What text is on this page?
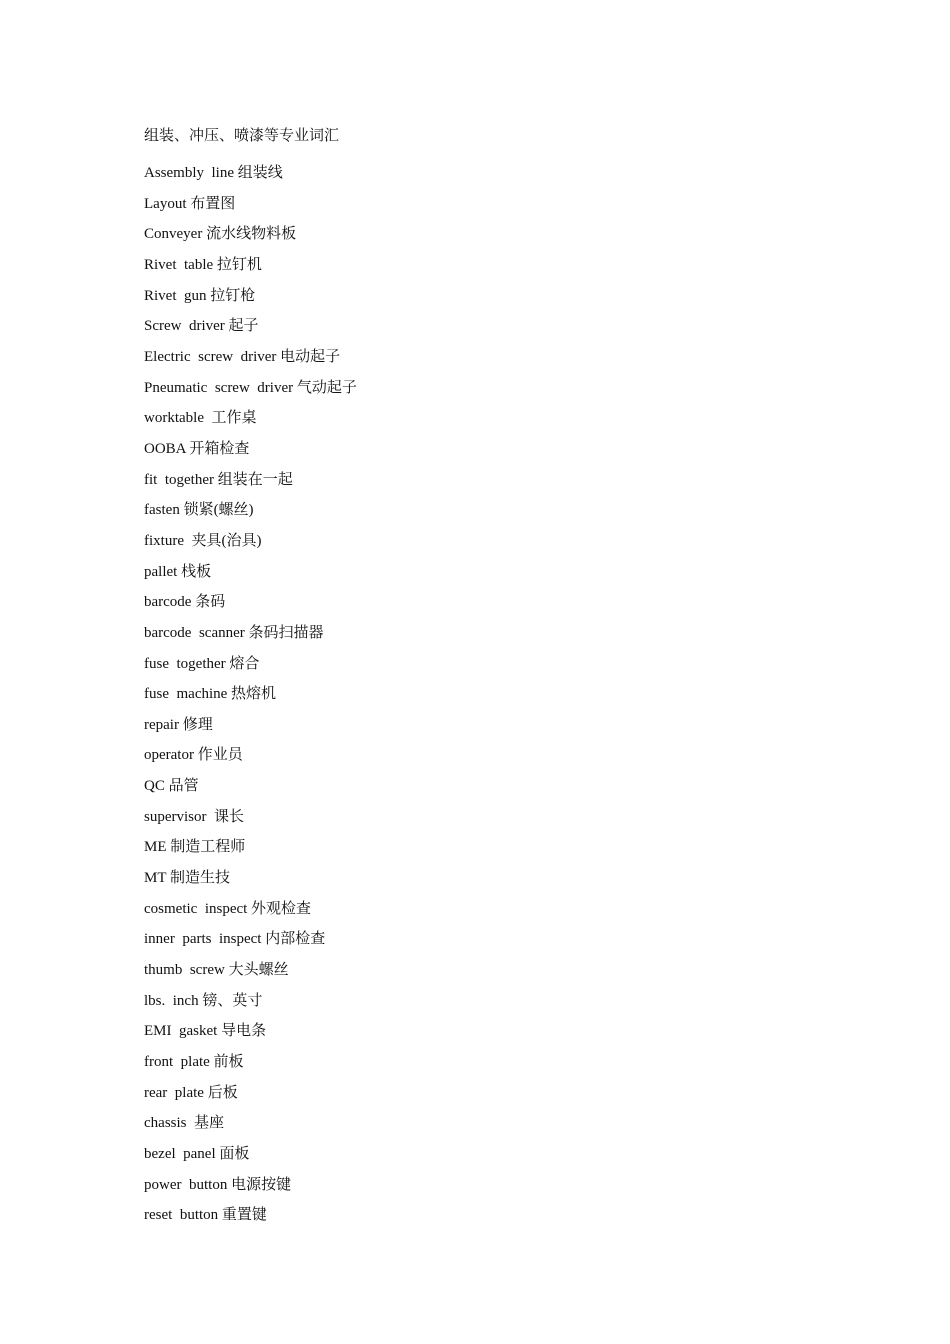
组装、冲压、喷漆等专业词汇
Assembly  line 组装线
Layout 布置图
Conveyer 流水线物料板
Rivet  table 拉钉机
Rivet  gun 拉钉枪
Screw  driver 起子
Electric  screw  driver 电动起子
Pneumatic  screw  driver 气动起子
worktable  工作桌
OOBA 开箱检查
fit  together 组装在一起
fasten 锁紧(螺丝)
fixture  夹具(治具)
pallet 栈板
barcode 条码
barcode  scanner 条码扫描器
fuse  together 熔合
fuse  machine 热熔机
repair 修理
operator 作业员
QC 品管
supervisor  课长
ME 制造工程师
MT 制造生技
cosmetic  inspect 外观检查
inner  parts  inspect 内部检查
thumb  screw 大头螺丝
lbs.  inch 镑、英寸
EMI  gasket 导电条
front  plate 前板
rear  plate 后板
chassis  基座
bezel  panel 面板
power  button 电源按键
reset  button 重置键
